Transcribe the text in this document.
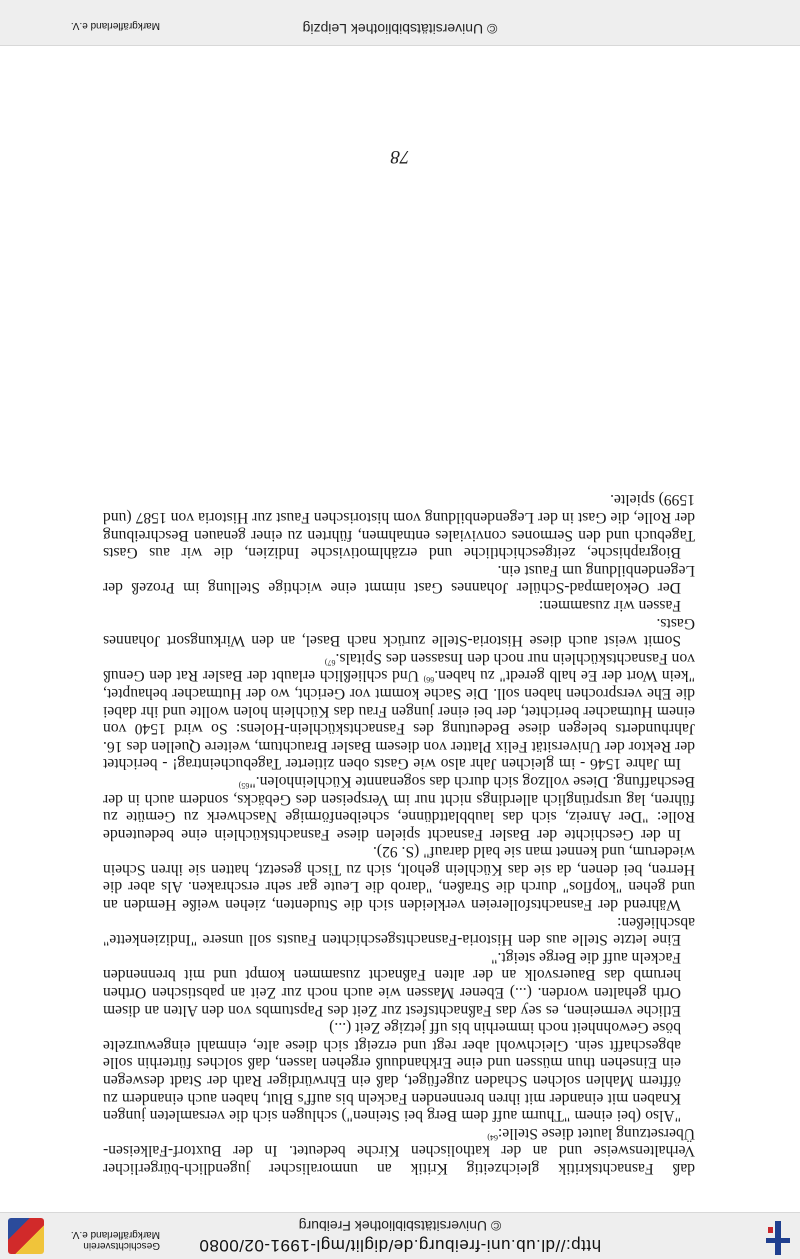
http://dl.ub.uni-freiburg.de/diglit/mgl-1991-02/0080
© Universitätsbibliothek Freiburg
Geschichtsverein
Markgräflerland e.V.

daß Fasnachtskritik gleichzeitig Kritik an unmoralischer jugendlich-bürgerlicher Verhaltensweise und an der katholischen Kirche bedeutet. In der Buxtorf-Falkeisen-Übersetzung lautet diese Stelle:$^{64)}$

"Also (bei einem "Thurm auff dem Berg bei Steinen") schlugen sich die versamleten jungen Knaben mit einander mit ihren brennenden Fackeln bis auff's Blut, haben auch einandern zu öfftern Mahlen solchen Schaden zugefüget, daß ein Ehrwürdiger Rath der Stadt deswegen ein Einsehen thun müssen und eine Erkhanduuß ergehen lassen, daß solches fürterhin solle abgeschafft sein. Gleichwohl aber regt und erzeigt sich diese alte, einmahl eingewurzelte böse Gewohnheit noch immerhin bis uff jetzige Zeit (...)

Etliche vermeinen, es sey das Faßnachtsfest zur Zeit des Papstumbs von den Alten an disem Orth gehalten worden. (...) Ebener Massen wie auch noch zur Zeit an pabstischen Orthen herumb das Bauersvolk an der alten Faßnacht zusammen kompt und mit brennenden Fackeln auff die Berge steigt."

Eine letzte Stelle aus den Historia-Fasnachtsgeschichten Fausts soll unsere "Indizienkette" abschließen:

Während der Fasnachtsfollereien verkleiden sich die Studenten, ziehen weiße Hemden an und gehen "kopflos" durch die Straßen, "darob die Leute gar sehr erschraken. Als aber die Herren, bei denen, da sie das Küchlein geholt, sich zu Tisch gesetzt, hatten sie ihren Schein wiederum, und kennet man sie bald darauf" (S. 92).

In der Geschichte der Basler Fasnacht spielen diese Fasnachtsküchlein eine bedeutende Rolle: "Der Anreiz, sich das laubblattdünne, scheibenförmige Naschwerk zu Gemüte zu führen, lag ursprünglich allerdings nicht nur im Verspeisen des Gebäcks, sondern auch in der Beschaffung. Diese vollzog sich durch das sogenannte Küchleinholen."$^{65)}$

Im Jahre 1546 - im gleichen Jahr also wie Gasts oben zitierter Tagebucheintrag! - berichtet der Rektor der Universität Felix Platter von diesem Basler Brauchtum, weitere Quellen des 16. Jahrhunderts belegen diese Bedeutung des Fasnachtsküchlein-Holens: So wird 1540 von einem Hutmacher berichtet, der bei einer jungen Frau das Küchlein holen wollte und ihr dabei die Ehe versprochen haben soll. Die Sache kommt vor Gericht, wo der Hutmacher behauptet, "kein Wort der Ee halb geredt" zu haben.$^{66)}$ Und schließlich erlaubt der Basler Rat den Genuß von Fasnachtsküchlein nur noch den Insassen des Spitals.$^{67)}$

Somit weist auch diese Historia-Stelle zurück nach Basel, an den Wirkungsort Johannes Gasts.

Fassen wir zusammen:

Der Oekolampad-Schüler Johannes Gast nimmt eine wichtige Stellung im Prozeß der Legendenbildung um Faust ein.

Biographische, zeitgeschichtliche und erzählmotivische Indizien, die wir aus Gasts Tagebuch und den Sermones conviviales entnahmen, führten zu einer genauen Beschreibung der Rolle, die Gast in der Legendenbildung vom historischen Faust zur Historia von 1587 (und 1599) spielte.

78
© Universitätsbibliothek Leipzig
Markgräflerland e.V.
